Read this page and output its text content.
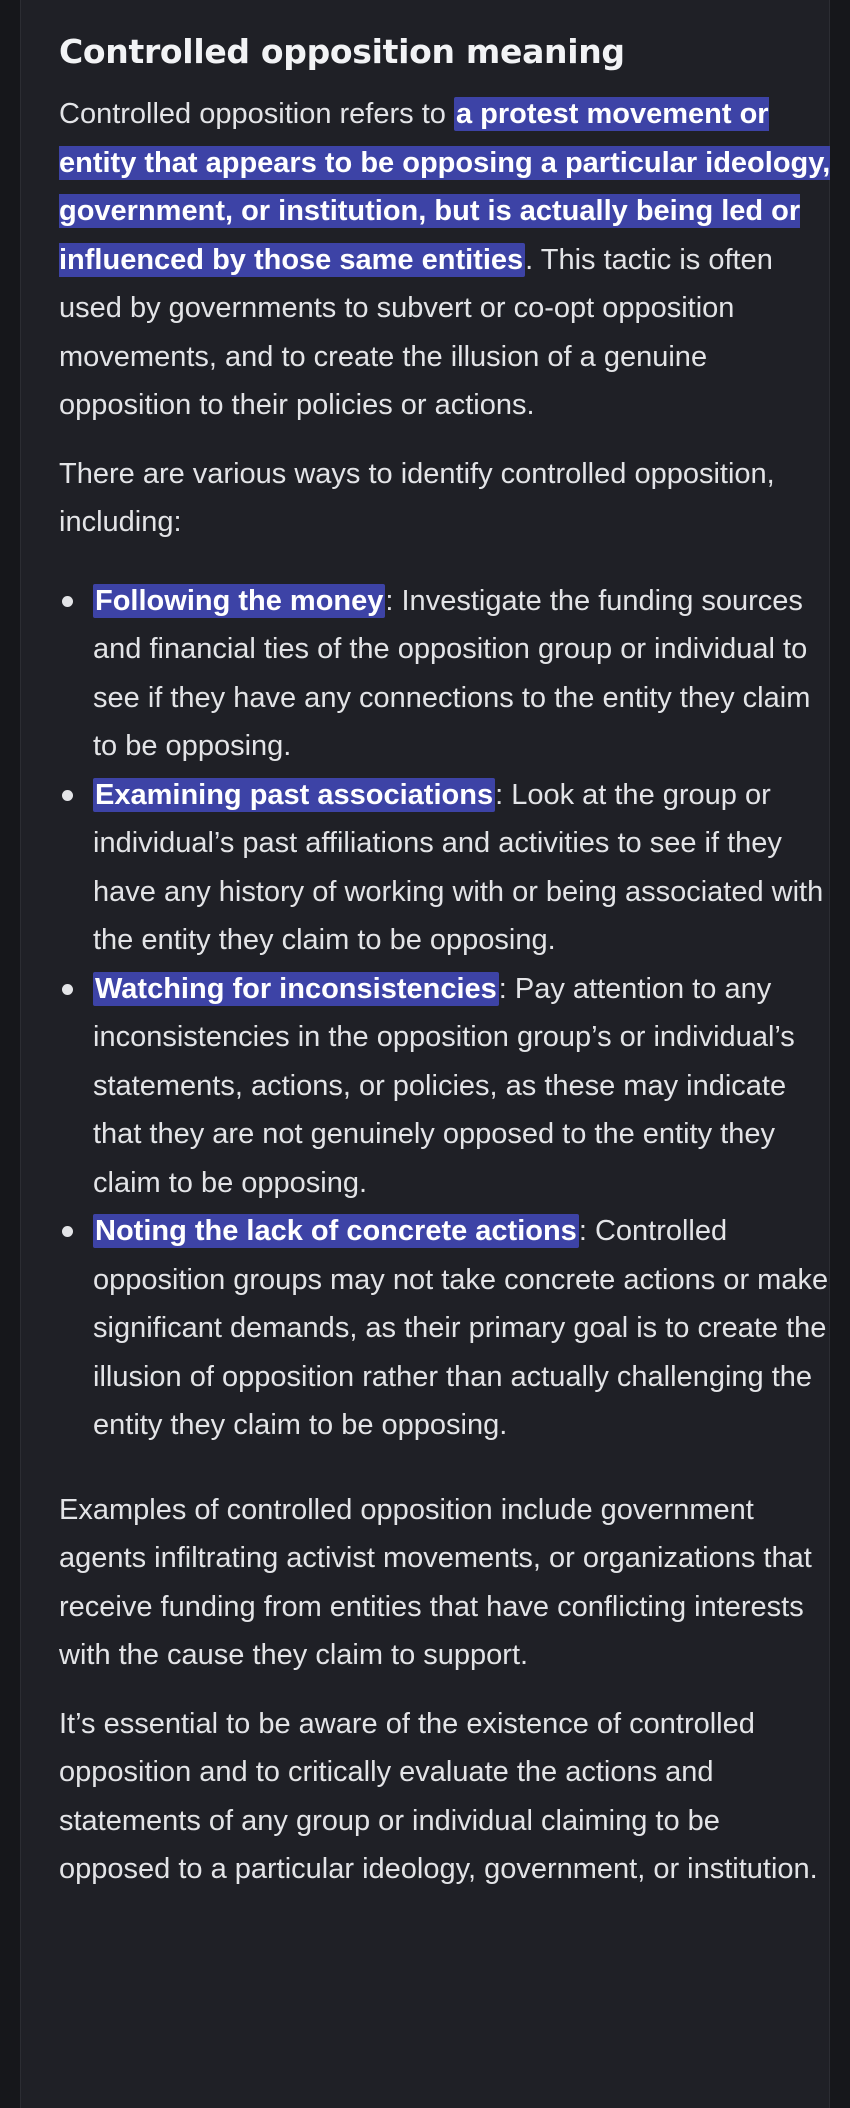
Controlled opposition meaning

Controlled opposition refers to a protest movement or entity that appears to be opposing a particular ideology, government, or institution, but is actually being led or influenced by those same entities. This tactic is often used by governments to subvert or co-opt opposition movements, and to create the illusion of a genuine opposition to their policies or actions.

There are various ways to identify controlled opposition, including:

Following the money: Investigate the funding sources and financial ties of the opposition group or individual to see if they have any connections to the entity they claim to be opposing.
Examining past associations: Look at the group or individual’s past affiliations and activities to see if they have any history of working with or being associated with the entity they claim to be opposing.
Watching for inconsistencies: Pay attention to any inconsistencies in the opposition group’s or individual’s statements, actions, or policies, as these may indicate that they are not genuinely opposed to the entity they claim to be opposing.
Noting the lack of concrete actions: Controlled opposition groups may not take concrete actions or make significant demands, as their primary goal is to create the illusion of opposition rather than actually challenging the entity they claim to be opposing.

Examples of controlled opposition include government agents infiltrating activist movements, or organizations that receive funding from entities that have conflicting interests with the cause they claim to support.

It’s essential to be aware of the existence of controlled opposition and to critically evaluate the actions and statements of any group or individual claiming to be opposed to a particular ideology, government, or institution.
